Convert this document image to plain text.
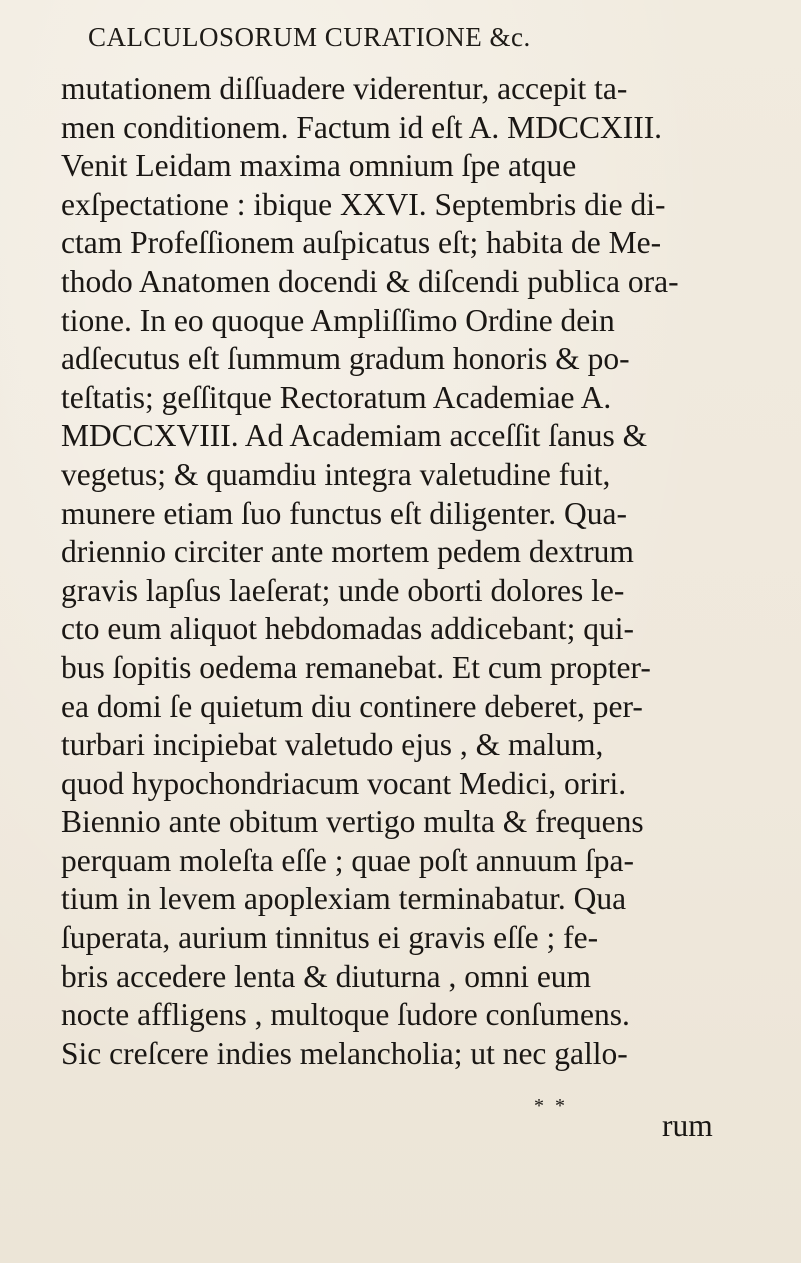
CALCULOSORUM CURATIONE &c.
mutationem diſſuadere viderentur, accepit ta-
men conditionem. Factum id eſt A. MDCCXIII.
Venit Leidam maxima omnium ſpe atque
exſpectatione : ibique XXVI. Septembris die di-
ctam Profeſſionem auſpicatus eſt; habita de Me-
thodo Anatomen docendi & diſcendi publica ora-
tione. In eo quoque Ampliſſimo Ordine dein
adſecutus eſt ſummum gradum honoris & po-
teſtatis; geſſitque Rectoratum Academiae A.
MDCCXVIII. Ad Academiam acceſſit ſanus &
vegetus; & quamdiu integra valetudine fuit,
munere etiam ſuo functus eſt diligenter. Qua-
driennio circiter ante mortem pedem dextrum
gravis lapſus laeſerat; unde oborti dolores le-
cto eum aliquot hebdomadas addicebant; qui-
bus ſopitis oedema remanebat. Et cum propter-
ea domi ſe quietum diu continere deberet, per-
turbari incipiebat valetudo ejus , & malum,
quod hypochondriacum vocant Medici, oriri.
Biennio ante obitum vertigo multa & frequens
perquam moleſta eſſe ; quae poſt annuum ſpa-
tium in levem apoplexiam terminabatur. Qua
ſuperata, aurium tinnitus ei gravis eſſe ; fe-
bris accedere lenta & diuturna , omni eum
nocte affligens , multoque ſudore conſumens.
Sic creſcere indies melancholia; ut nec gallo-
* *
rum
